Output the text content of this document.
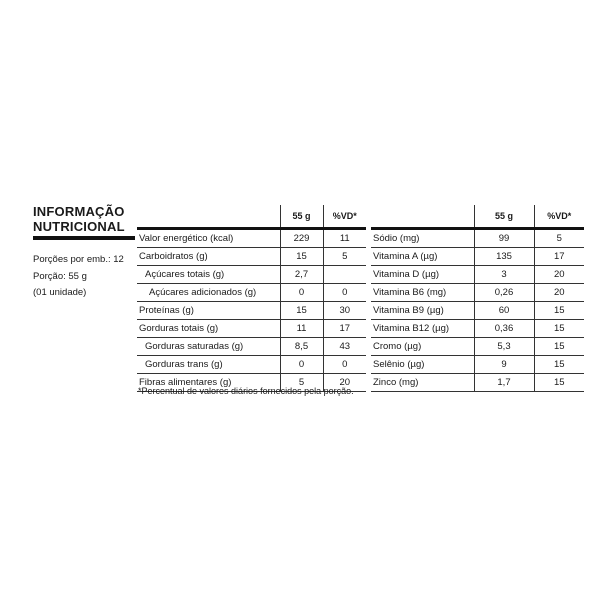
INFORMAÇÃO
NUTRICIONAL
Porções por emb.: 12
Porção: 55 g
(01 unidade)
	55 g	%VD*
Valor energético (kcal)	229	11
Carboidratos (g)	15	5
Açúcares totais (g)	2,7	
Açúcares adicionados (g)	0	0
Proteínas (g)	15	30
Gorduras totais (g)	11	17
Gorduras saturadas (g)	8,5	43
Gorduras trans (g)	0	0
Fibras alimentares (g)	5	20
	55 g	%VD*
Sódio (mg)	99	5
Vitamina A (µg)	135	17
Vitamina D (µg)	3	20
Vitamina B6 (mg)	0,26	20
Vitamina B9 (µg)	60	15
Vitamina B12 (µg)	0,36	15
Cromo (µg)	5,3	15
Selênio (µg)	9	15
Zinco (mg)	1,7	15
*Percentual de valores diários fornecidos pela porção.
